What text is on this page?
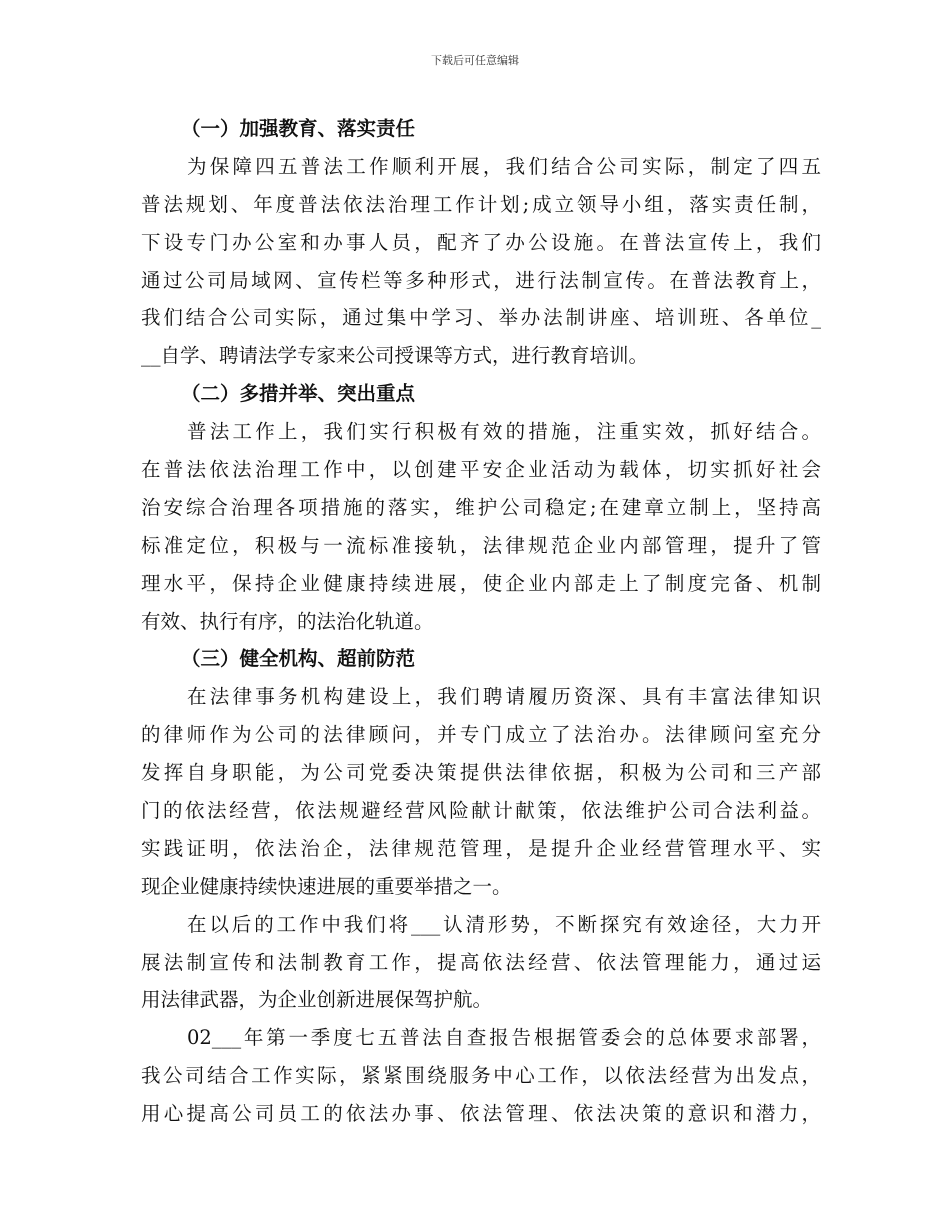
下载后可任意编辑
（一）加强教育、落实责任
为保障四五普法工作顺利开展，我们结合公司实际，制定了四五
普法规划、年度普法依法治理工作计划;成立领导小组，落实责任制，
下设专门办公室和办事人员，配齐了办公设施。在普法宣传上，我们
通过公司局域网、宣传栏等多种形式，进行法制宣传。在普法教育上，
我们结合公司实际，通过集中学习、举办法制讲座、培训班、各单位_
__自学、聘请法学专家来公司授课等方式，进行教育培训。
（二）多措并举、突出重点
普法工作上，我们实行积极有效的措施，注重实效，抓好结合。
在普法依法治理工作中，以创建平安企业活动为载体，切实抓好社会
治安综合治理各项措施的落实，维护公司稳定;在建章立制上，坚持高
标准定位，积极与一流标准接轨，法律规范企业内部管理，提升了管
理水平，保持企业健康持续进展，使企业内部走上了制度完备、机制
有效、执行有序，的法治化轨道。
（三）健全机构、超前防范
在法律事务机构建设上，我们聘请履历资深、具有丰富法律知识
的律师作为公司的法律顾问，并专门成立了法治办。法律顾问室充分
发挥自身职能，为公司党委决策提供法律依据，积极为公司和三产部
门的依法经营，依法规避经营风险献计献策，依法维护公司合法利益。
实践证明，依法治企，法律规范管理，是提升企业经营管理水平、实
现企业健康持续快速进展的重要举措之一。
在以后的工作中我们将___认清形势，不断探究有效途径，大力开
展法制宣传和法制教育工作，提高依法经营、依法管理能力，通过运
用法律武器，为企业创新进展保驾护航。
02___年第一季度七五普法自查报告根据管委会的总体要求部署，
我公司结合工作实际，紧紧围绕服务中心工作，以依法经营为出发点，
用心提高公司员工的依法办事、依法管理、依法决策的意识和潜力，
